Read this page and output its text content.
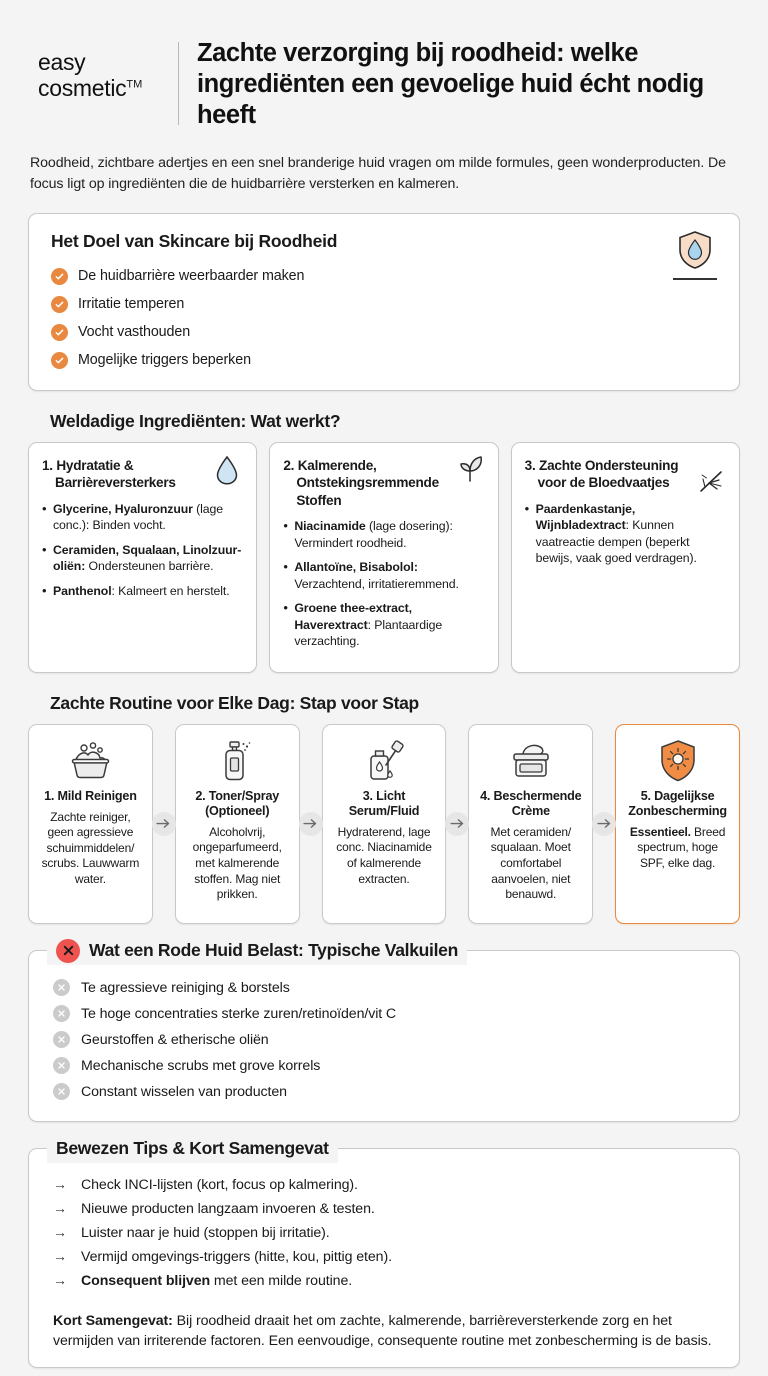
easy
cosmetic™
Zachte verzorging bij roodheid: welke ingrediënten een gevoelige huid écht nodig heeft

Roodheid, zichtbare adertjes en een snel branderige huid vragen om milde formules, geen wonderproducten. De focus ligt op ingrediënten die de huidbarrière versterken en kalmeren.

Het Doel van Skincare bij Roodheid
De huidbarrière weerbaarder maken
Irritatie temperen
Vocht vasthouden
Mogelijke triggers beperken
Weldadige Ingrediënten: Wat werkt?
1. Hydratatie &
Barrièreversterkers
• Glycerine, Hyaluronzuur (lage conc.): Binden vocht.
• Ceramiden, Squalaan, Linolzuur-oliën: Ondersteunen barrière.
• Panthenol: Kalmeert en herstelt.
2. Kalmerende,
Ontstekingsremmende Stoffen
• Niacinamide (lage dosering): Vermindert roodheid.
• Allantoïne, Bisabolol: Verzachtend, irritatieremmend.
• Groene thee-extract, Haverextract: Plantaardige verzachting.
3. Zachte Ondersteuning
voor de Bloedvaatjes
• Paardenkastanje, Wijnbladextract: Kunnen vaatreactie dempen (beperkt bewijs, vaak goed verdragen).
Zachte Routine voor Elke Dag: Stap voor Stap
1. Mild Reinigen
Zachte reiniger, geen agressieve schuimmiddelen/ scrubs. Lauwwarm water.
2. Toner/Spray (Optioneel)
Alcoholvrij, ongeparfumeerd, met kalmerende stoffen. Mag niet prikken.
3. Licht Serum/Fluid
Hydraterend, lage conc. Niacinamide of kalmerende extracten.
4. Beschermende Crème
Met ceramiden/ squalaan. Moet comfortabel aanvoelen, niet benauwd.
5. Dagelijkse Zonbescherming
Essentieel. Breed spectrum, hoge SPF, elke dag.
Wat een Rode Huid Belast: Typische Valkuilen
Te agressieve reiniging & borstels
Te hoge concentraties sterke zuren/retinoïden/vit C
Geurstoffen & etherische oliën
Mechanische scrubs met grove korrels
Constant wisselen van producten
Bewezen Tips & Kort Samengevat
→ Check INCI-lijsten (kort, focus op kalmering).
→ Nieuwe producten langzaam invoeren & testen.
→ Luister naar je huid (stoppen bij irritatie).
→ Vermijd omgevings-triggers (hitte, kou, pittig eten).
→ Consequent blijven met een milde routine.

Kort Samengevat: Bij roodheid draait het om zachte, kalmerende, barrièreversterkende zorg en het vermijden van irriterende factoren. Een eenvoudige, consequente routine met zonbescherming is de basis.
